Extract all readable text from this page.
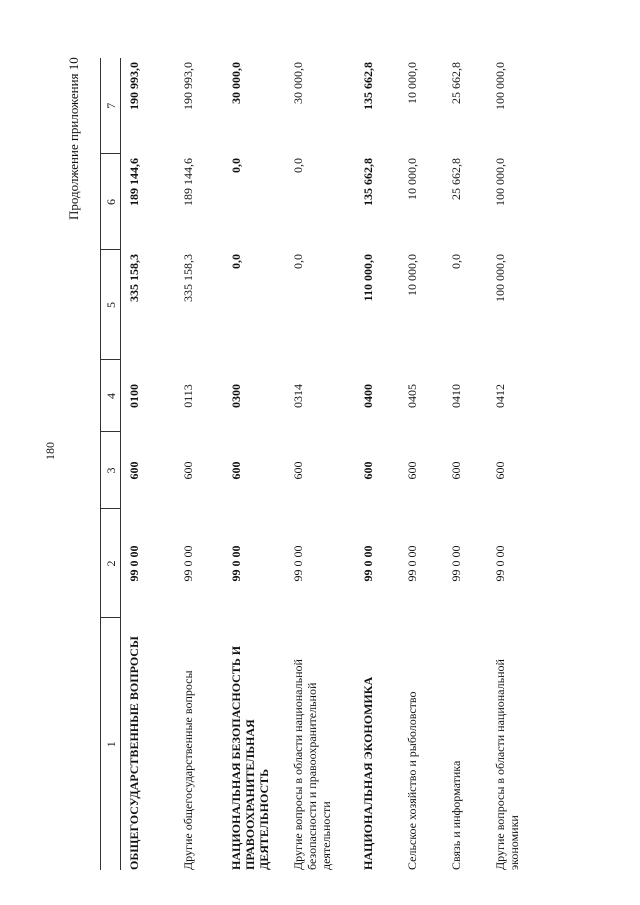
180
Продолжение приложения 10
1	2	3	4	5	6	7
ОБЩЕГОСУДАРСТВЕННЫЕ ВОПРОСЫ	99 0 00	600	0100	335 158,3	189 144,6	190 993,0
Другие общегосударственные вопросы	99 0 00	600	0113	335 158,3	189 144,6	190 993,0
НАЦИОНАЛЬНАЯ БЕЗОПАСНОСТЬ И ПРАВООХРАНИТЕЛЬНАЯ ДЕЯТЕЛЬНОСТЬ	99 0 00	600	0300	0,0	0,0	30 000,0
Другие вопросы в области национальной безопасности и правоохранительной деятельности	99 0 00	600	0314	0,0	0,0	30 000,0
НАЦИОНАЛЬНАЯ ЭКОНОМИКА	99 0 00	600	0400	110 000,0	135 662,8	135 662,8
Сельское хозяйство и рыболовство	99 0 00	600	0405	10 000,0	10 000,0	10 000,0
Связь и информатика	99 0 00	600	0410	0,0	25 662,8	25 662,8
Другие вопросы в области национальной экономики	99 0 00	600	0412	100 000,0	100 000,0	100 000,0
